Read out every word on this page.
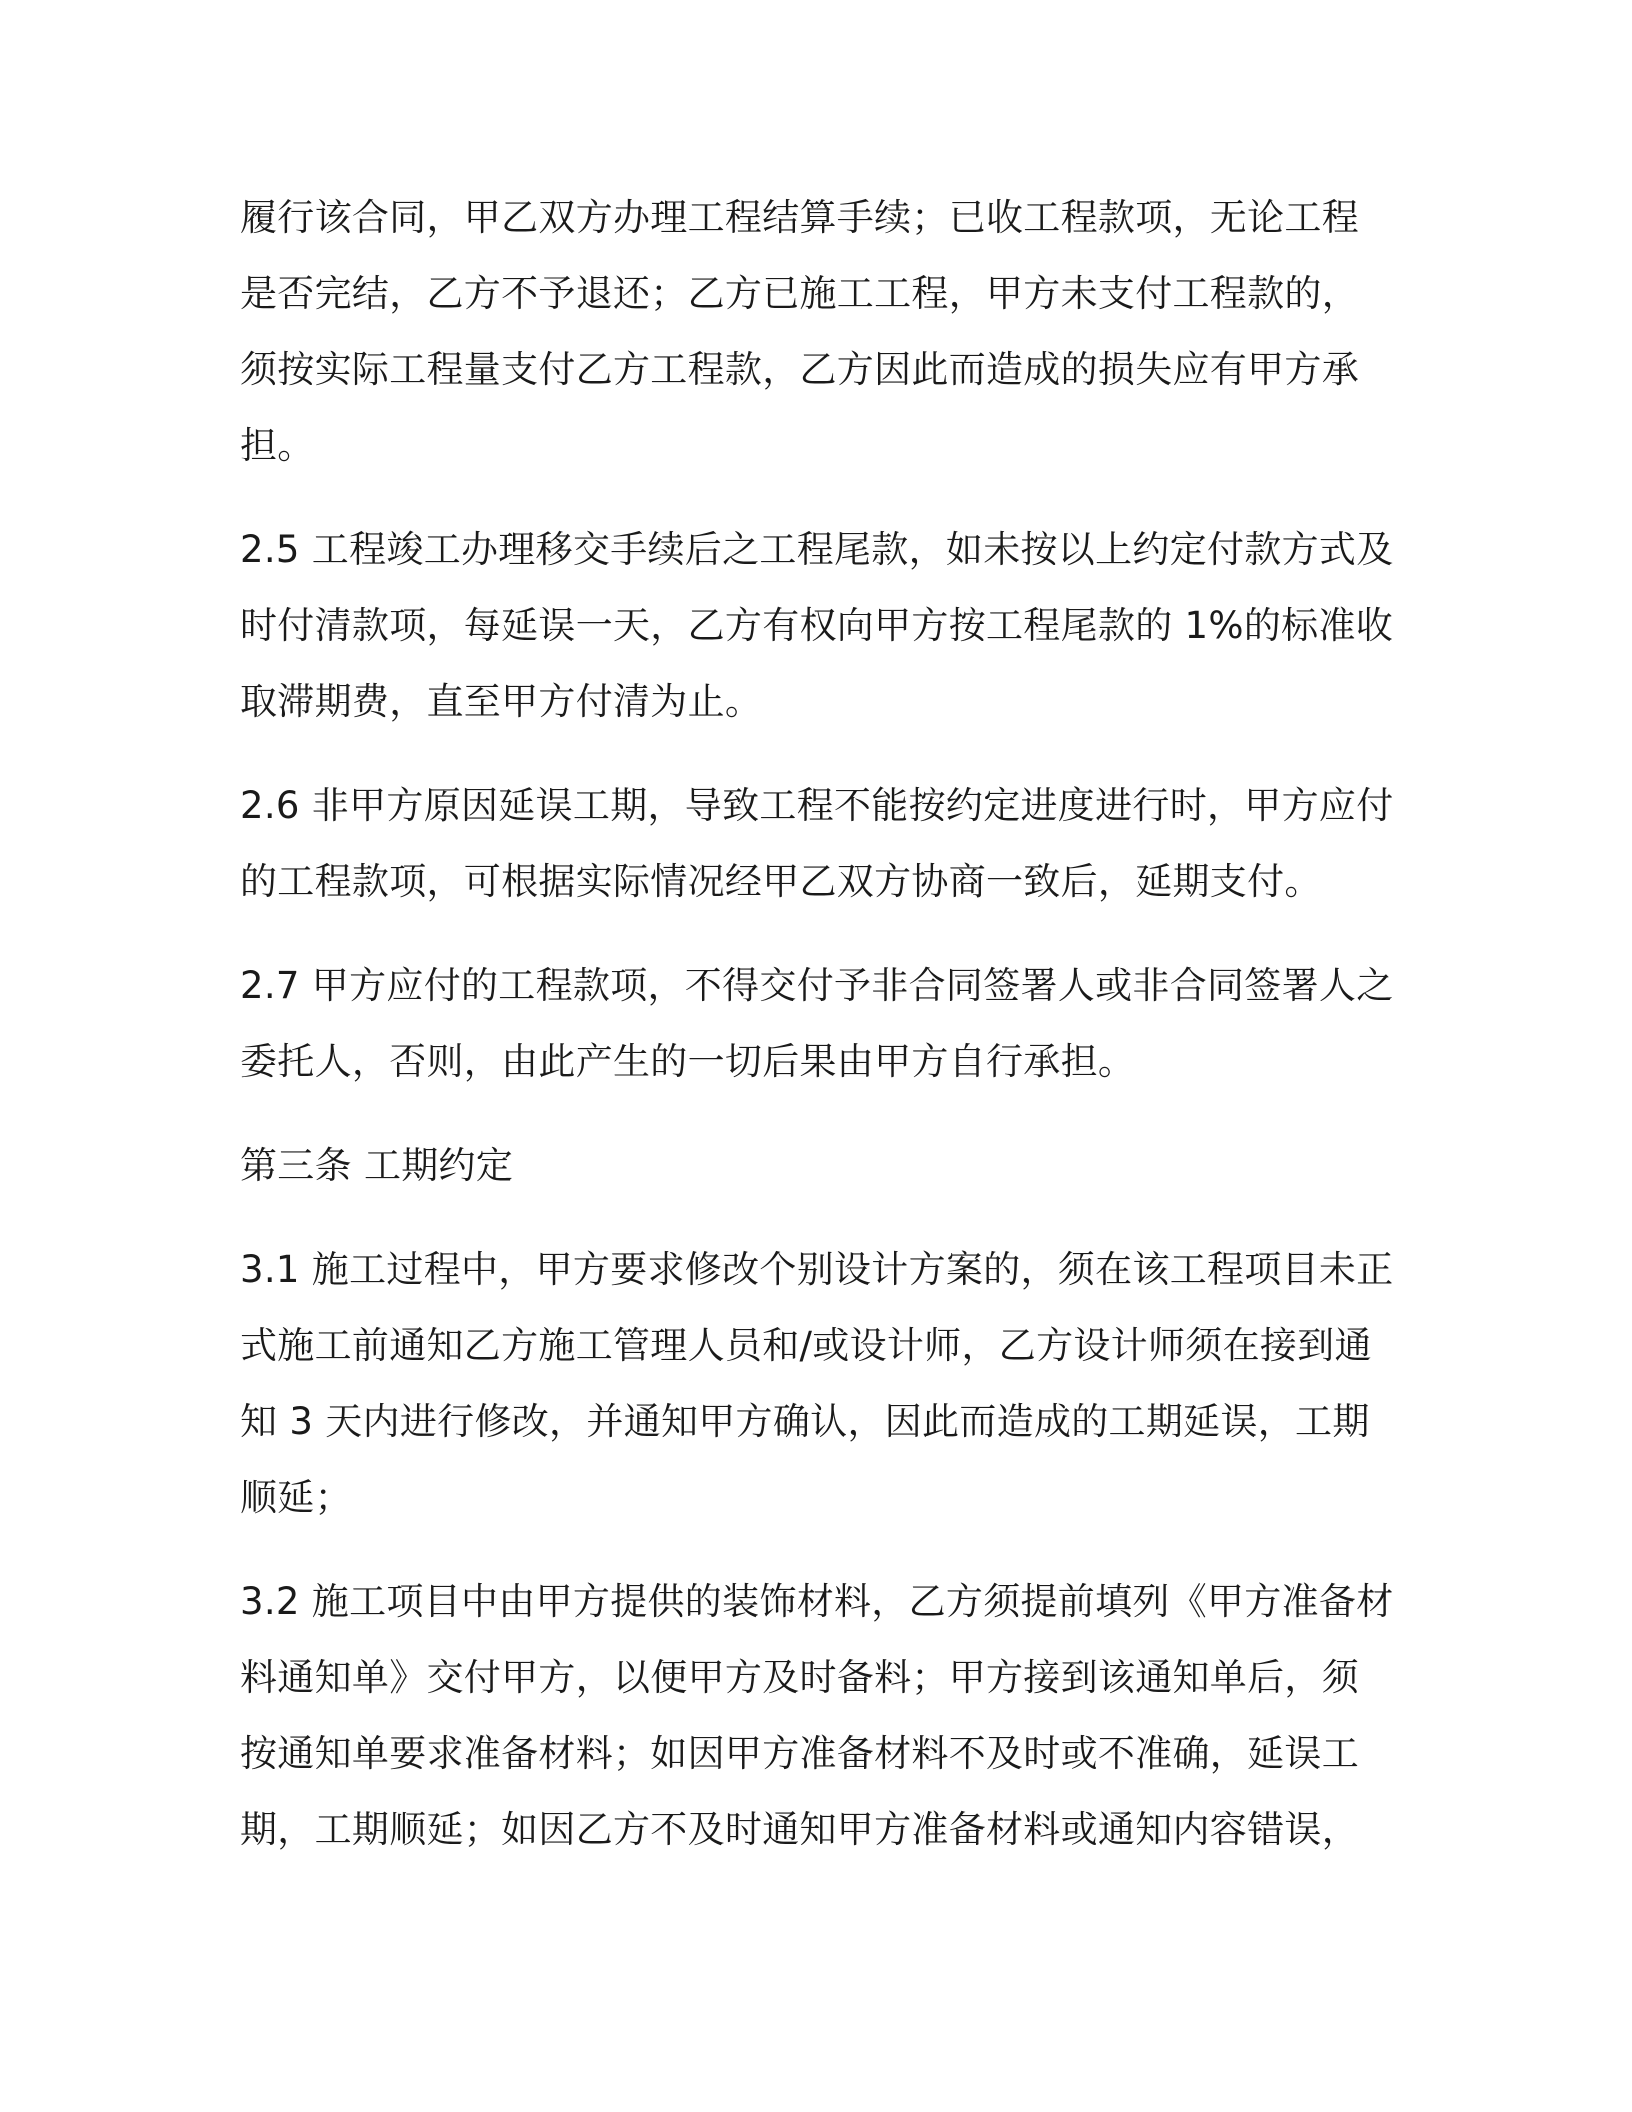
履行该合同，甲乙双方办理工程结算手续；已收工程款项，无论工程
是否完结，乙方不予退还；乙方已施工工程，甲方未支付工程款的，
须按实际工程量支付乙方工程款，乙方因此而造成的损失应有甲方承
担。
2.5 工程竣工办理移交手续后之工程尾款，如未按以上约定付款方式及
时付清款项，每延误一天，乙方有权向甲方按工程尾款的 1%的标准收
取滞期费，直至甲方付清为止。
2.6 非甲方原因延误工期，导致工程不能按约定进度进行时，甲方应付
的工程款项，可根据实际情况经甲乙双方协商一致后，延期支付。
2.7 甲方应付的工程款项，不得交付予非合同签署人或非合同签署人之
委托人，否则，由此产生的一切后果由甲方自行承担。
第三条 工期约定
3.1 施工过程中，甲方要求修改个别设计方案的，须在该工程项目未正
式施工前通知乙方施工管理人员和/或设计师，乙方设计师须在接到通
知 3 天内进行修改，并通知甲方确认，因此而造成的工期延误，工期
顺延；
3.2 施工项目中由甲方提供的装饰材料，乙方须提前填列《甲方准备材
料通知单》交付甲方，以便甲方及时备料；甲方接到该通知单后，须
按通知单要求准备材料；如因甲方准备材料不及时或不准确，延误工
期，工期顺延；如因乙方不及时通知甲方准备材料或通知内容错误，
